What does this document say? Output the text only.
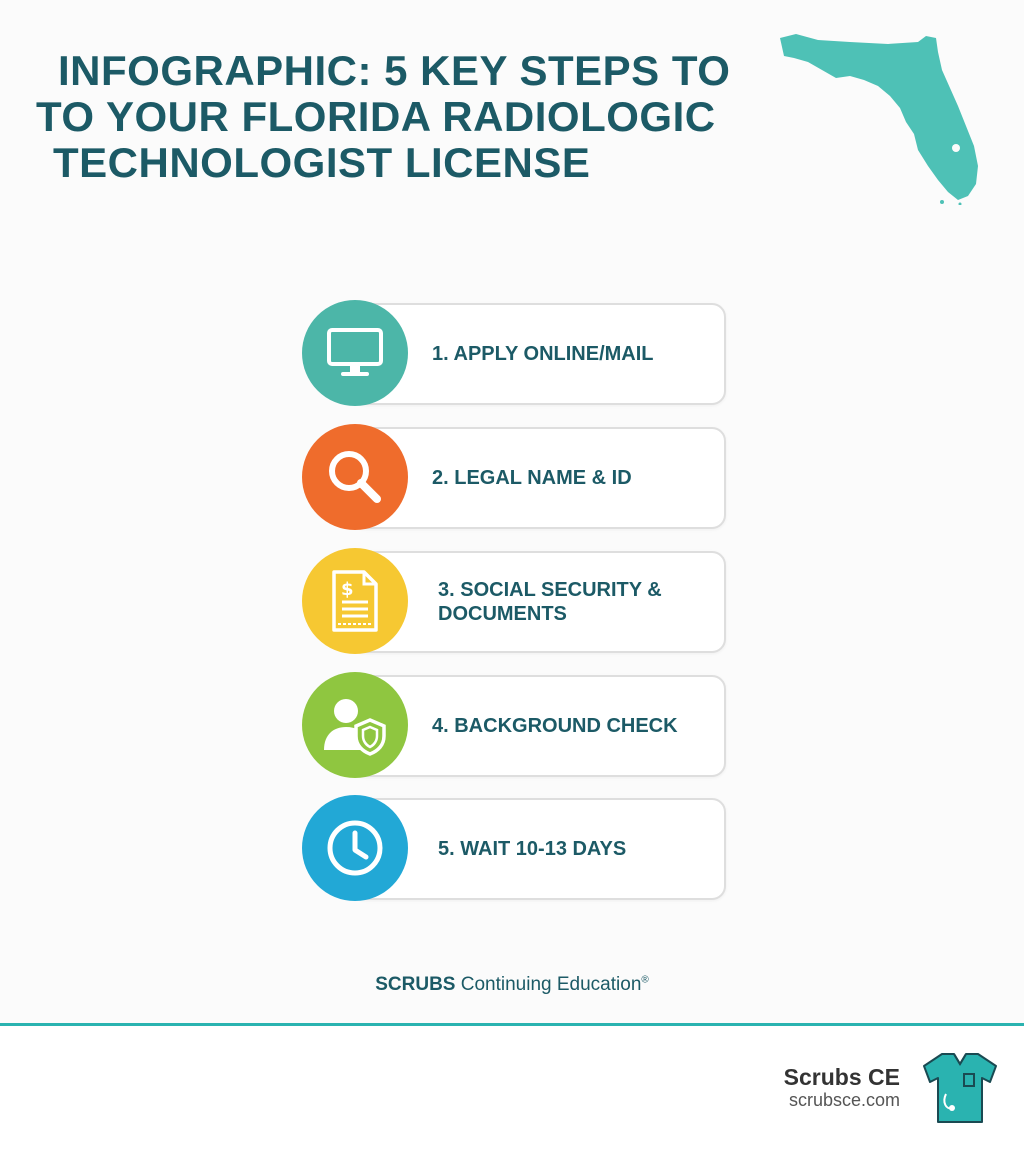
INFOGRAPHIC: 5 KEY STEPS TO
TO YOUR FLORIDA RADIOLOGIC
TECHNOLOGIST LICENSE
1. APPLY ONLINE/MAIL
2. LEGAL NAME & ID
$	3. SOCIAL SECURITY & DOCUMENTS
4. BACKGROUND CHECK
5. WAIT 10-13 DAYS
SCRUBS Continuing Education®
Scrubs CE
scrubsce.com
